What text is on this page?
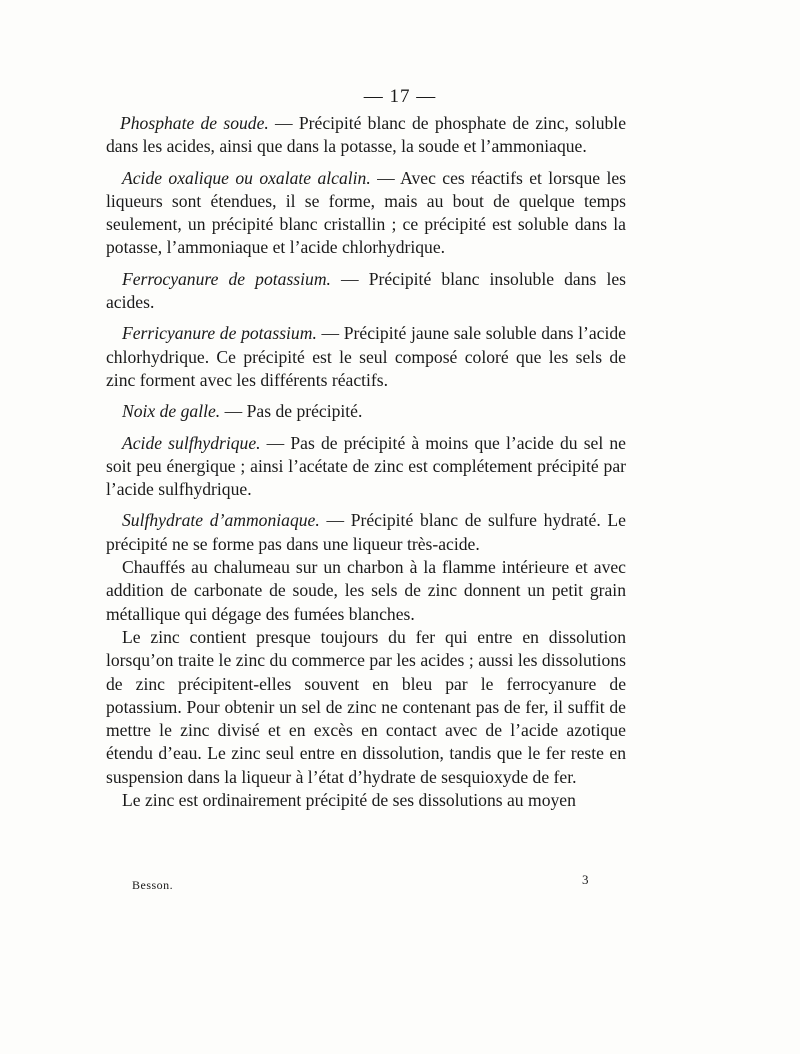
— 17 —

Phosphate de soude. — Précipité blanc de phosphate de zinc, soluble dans les acides, ainsi que dans la potasse, la soude et l’ammoniaque.

Acide oxalique ou oxalate alcalin. — Avec ces réactifs et lorsque les liqueurs sont étendues, il se forme, mais au bout de quelque temps seulement, un précipité blanc cristallin ; ce précipité est soluble dans la potasse, l’ammoniaque et l’acide chlorhydrique.

Ferrocyanure de potassium. — Précipité blanc insoluble dans les acides.

Ferricyanure de potassium. — Précipité jaune sale soluble dans l’acide chlorhydrique. Ce précipité est le seul composé coloré que les sels de zinc forment avec les différents réactifs.

Noix de galle. — Pas de précipité.

Acide sulfhydrique. — Pas de précipité à moins que l’acide du sel ne soit peu énergique ; ainsi l’acétate de zinc est complétement précipité par l’acide sulfhydrique.

Sulfhydrate d’ammoniaque. — Précipité blanc de sulfure hydraté. Le précipité ne se forme pas dans une liqueur très-acide.

Chauffés au chalumeau sur un charbon à la flamme intérieure et avec addition de carbonate de soude, les sels de zinc donnent un petit grain métallique qui dégage des fumées blanches.

Le zinc contient presque toujours du fer qui entre en dissolution lorsqu’on traite le zinc du commerce par les acides ; aussi les dissolutions de zinc précipitent-elles souvent en bleu par le ferrocyanure de potassium. Pour obtenir un sel de zinc ne contenant pas de fer, il suffit de mettre le zinc divisé et en excès en contact avec de l’acide azotique étendu d’eau. Le zinc seul entre en dissolution, tandis que le fer reste en suspension dans la liqueur à l’état d’hydrate de sesquioxyde de fer.

Le zinc est ordinairement précipité de ses dissolutions au moyen

Besson.	3
